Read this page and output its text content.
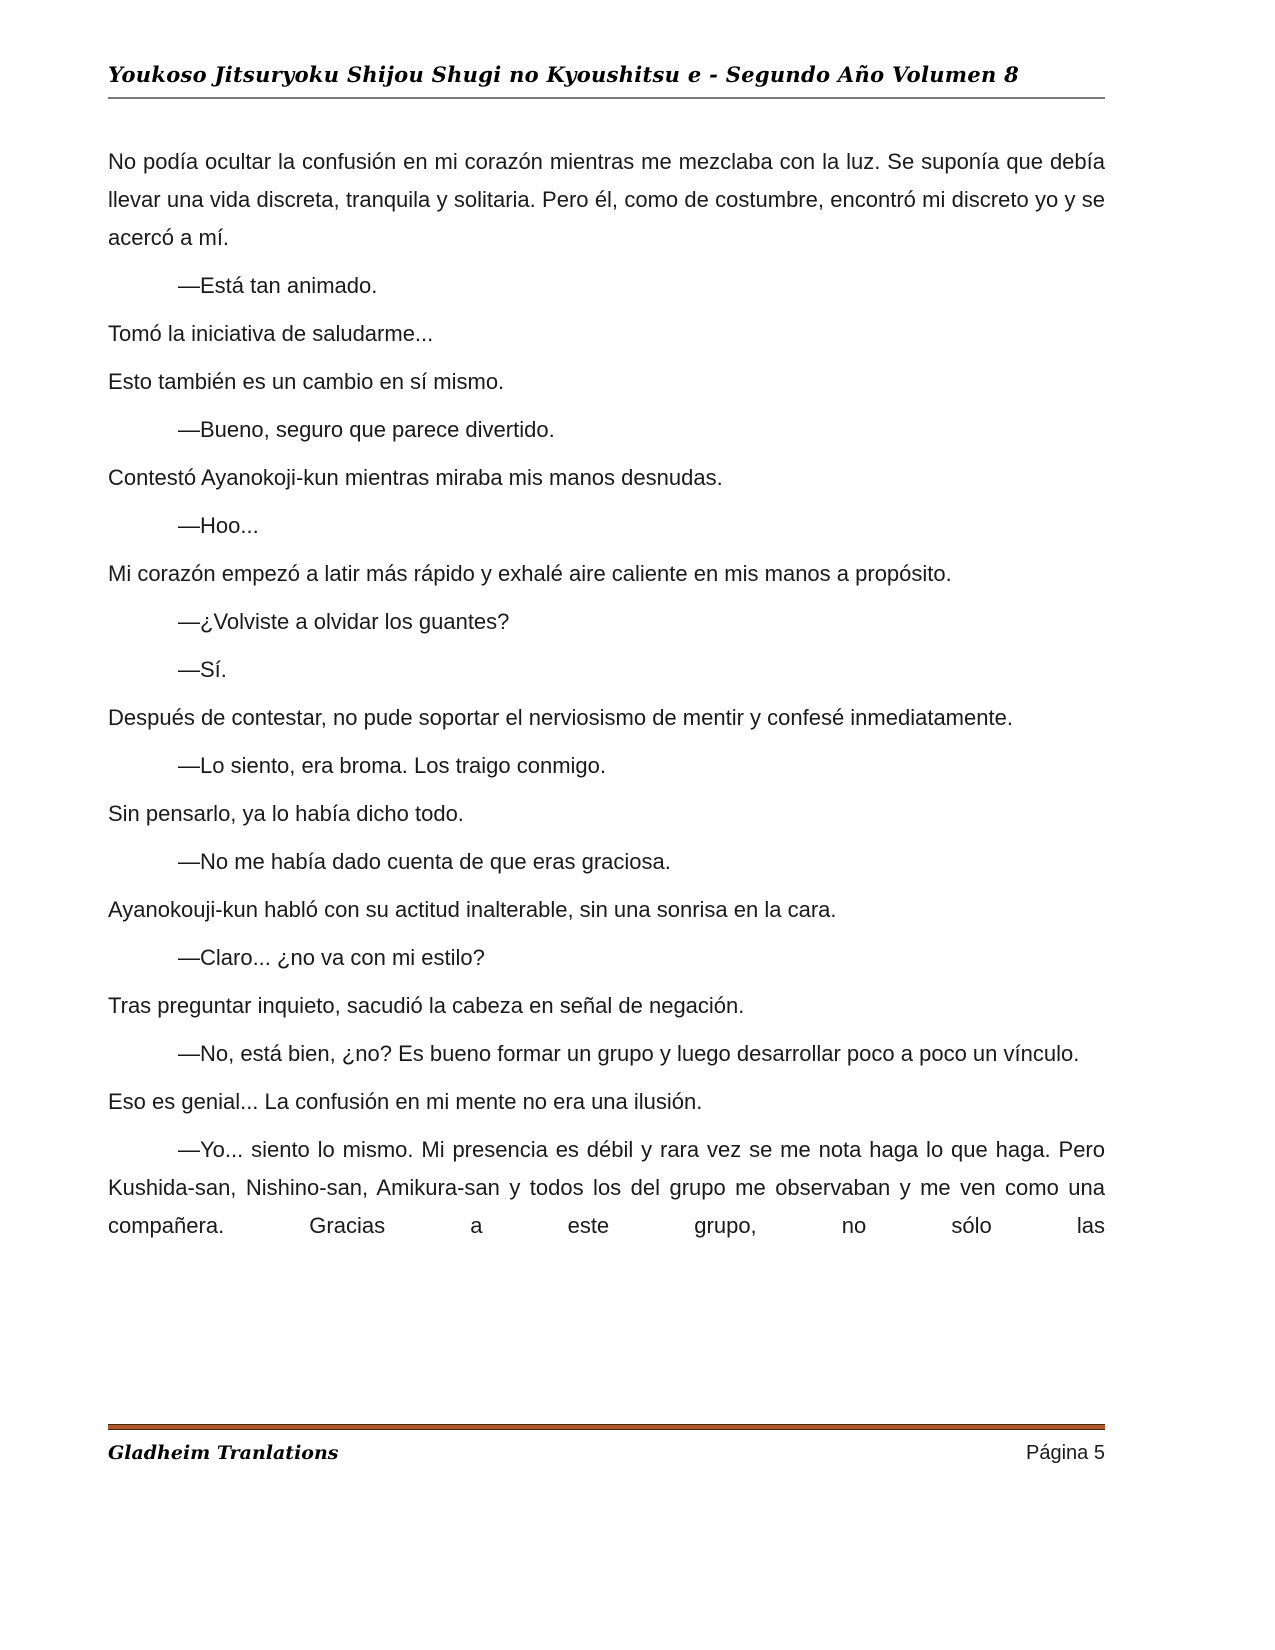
Youkoso Jitsuryoku Shijou Shugi no Kyoushitsu e - Segundo Año Volumen 8

No podía ocultar la confusión en mi corazón mientras me mezclaba con la luz. Se suponía que debía llevar una vida discreta, tranquila y solitaria. Pero él, como de costumbre, encontró mi discreto yo y se acercó a mí.

—Está tan animado.

Tomó la iniciativa de saludarme...

Esto también es un cambio en sí mismo.

—Bueno, seguro que parece divertido.

Contestó Ayanokoji-kun mientras miraba mis manos desnudas.

—Hoo...

Mi corazón empezó a latir más rápido y exhalé aire caliente en mis manos a propósito.

—¿Volviste a olvidar los guantes?

—Sí.

Después de contestar, no pude soportar el nerviosismo de mentir y confesé inmediatamente.

—Lo siento, era broma. Los traigo conmigo.

Sin pensarlo, ya lo había dicho todo.

—No me había dado cuenta de que eras graciosa.

Ayanokouji-kun habló con su actitud inalterable, sin una sonrisa en la cara.

—Claro... ¿no va con mi estilo?

Tras preguntar inquieto, sacudió la cabeza en señal de negación.

—No, está bien, ¿no? Es bueno formar un grupo y luego desarrollar poco a poco un vínculo.

Eso es genial... La confusión en mi mente no era una ilusión.

—Yo... siento lo mismo. Mi presencia es débil y rara vez se me nota haga lo que haga. Pero Kushida-san, Nishino-san, Amikura-san y todos los del grupo me observaban y me ven como una compañera. Gracias a este grupo, no sólo las

Gladheim Tranlations	Página 5
